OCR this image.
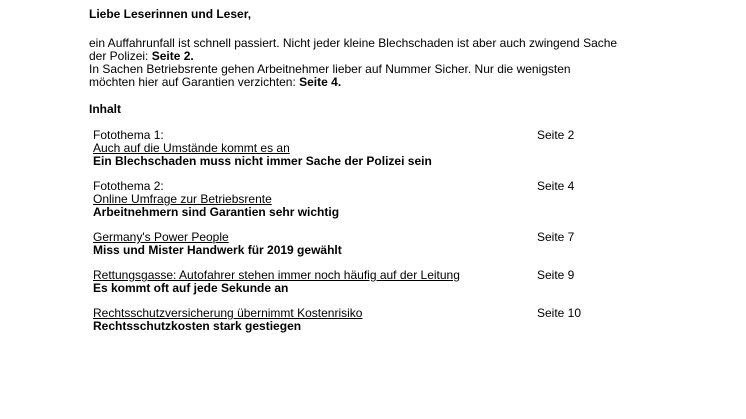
Liebe Leserinnen und Leser,

ein Auffahrunfall ist schnell passiert. Nicht jeder kleine Blechschaden ist aber auch zwingend Sache der Polizei: Seite 2.

In Sachen Betriebsrente gehen Arbeitnehmer lieber auf Nummer Sicher. Nur die wenigsten möchten hier auf Garantien verzichten: Seite 4.

Inhalt
Fotothema 1:
Auch auf die Umstände kommt es an
Ein Blechschaden muss nicht immer Sache der Polizei sein
Seite 2
Fotothema 2:
Online Umfrage zur Betriebsrente
Arbeitnehmern sind Garantien sehr wichtig
Seite 4
Germany's Power People
Miss und Mister Handwerk für 2019 gewählt
Seite 7
Rettungsgasse: Autofahrer stehen immer noch häufig auf der Leitung
Es kommt oft auf jede Sekunde an
Seite 9
Rechtsschutzversicherung übernimmt Kostenrisiko
Rechtsschutzkosten stark gestiegen
Seite 10
